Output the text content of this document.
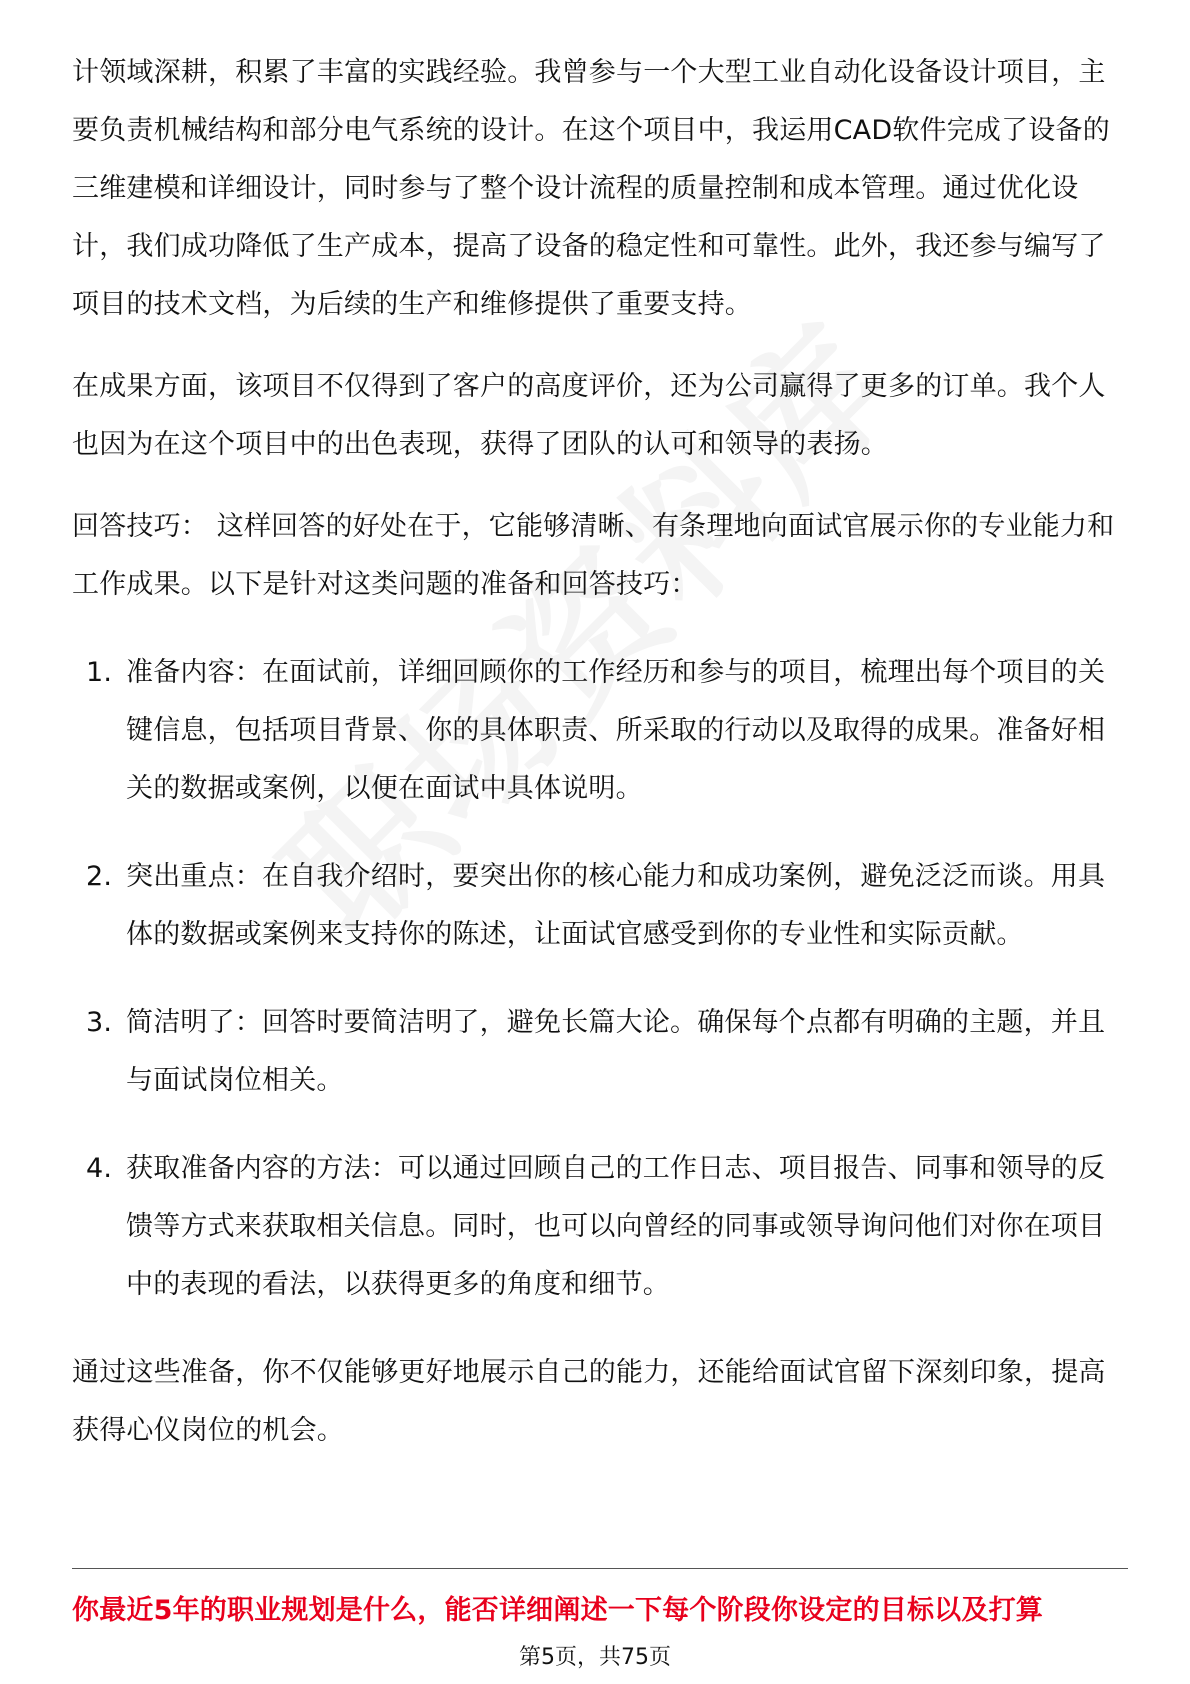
计领域深耕，积累了丰富的实践经验。我曾参与一个大型工业自动化设备设计项目，主要负责机械结构和部分电气系统的设计。在这个项目中，我运用CAD软件完成了设备的三维建模和详细设计，同时参与了整个设计流程的质量控制和成本管理。通过优化设计，我们成功降低了生产成本，提高了设备的稳定性和可靠性。此外，我还参与编写了项目的技术文档，为后续的生产和维修提供了重要支持。

在成果方面，该项目不仅得到了客户的高度评价，还为公司赢得了更多的订单。我个人也因为在这个项目中的出色表现，获得了团队的认可和领导的表扬。

回答技巧： 这样回答的好处在于，它能够清晰、有条理地向面试官展示你的专业能力和工作成果。以下是针对这类问题的准备和回答技巧：

1. 准备内容：在面试前，详细回顾你的工作经历和参与的项目，梳理出每个项目的关键信息，包括项目背景、你的具体职责、所采取的行动以及取得的成果。准备好相关的数据或案例，以便在面试中具体说明。
2. 突出重点：在自我介绍时，要突出你的核心能力和成功案例，避免泛泛而谈。用具体的数据或案例来支持你的陈述，让面试官感受到你的专业性和实际贡献。
3. 简洁明了：回答时要简洁明了，避免长篇大论。确保每个点都有明确的主题，并且与面试岗位相关。
4. 获取准备内容的方法：可以通过回顾自己的工作日志、项目报告、同事和领导的反馈等方式来获取相关信息。同时，也可以向曾经的同事或领导询问他们对你在项目中的表现的看法，以获得更多的角度和细节。

通过这些准备，你不仅能够更好地展示自己的能力，还能给面试官留下深刻印象，提高获得心仪岗位的机会。

你最近5年的职业规划是什么，能否详细阐述一下每个阶段你设定的目标以及打算
第5页，共75页
